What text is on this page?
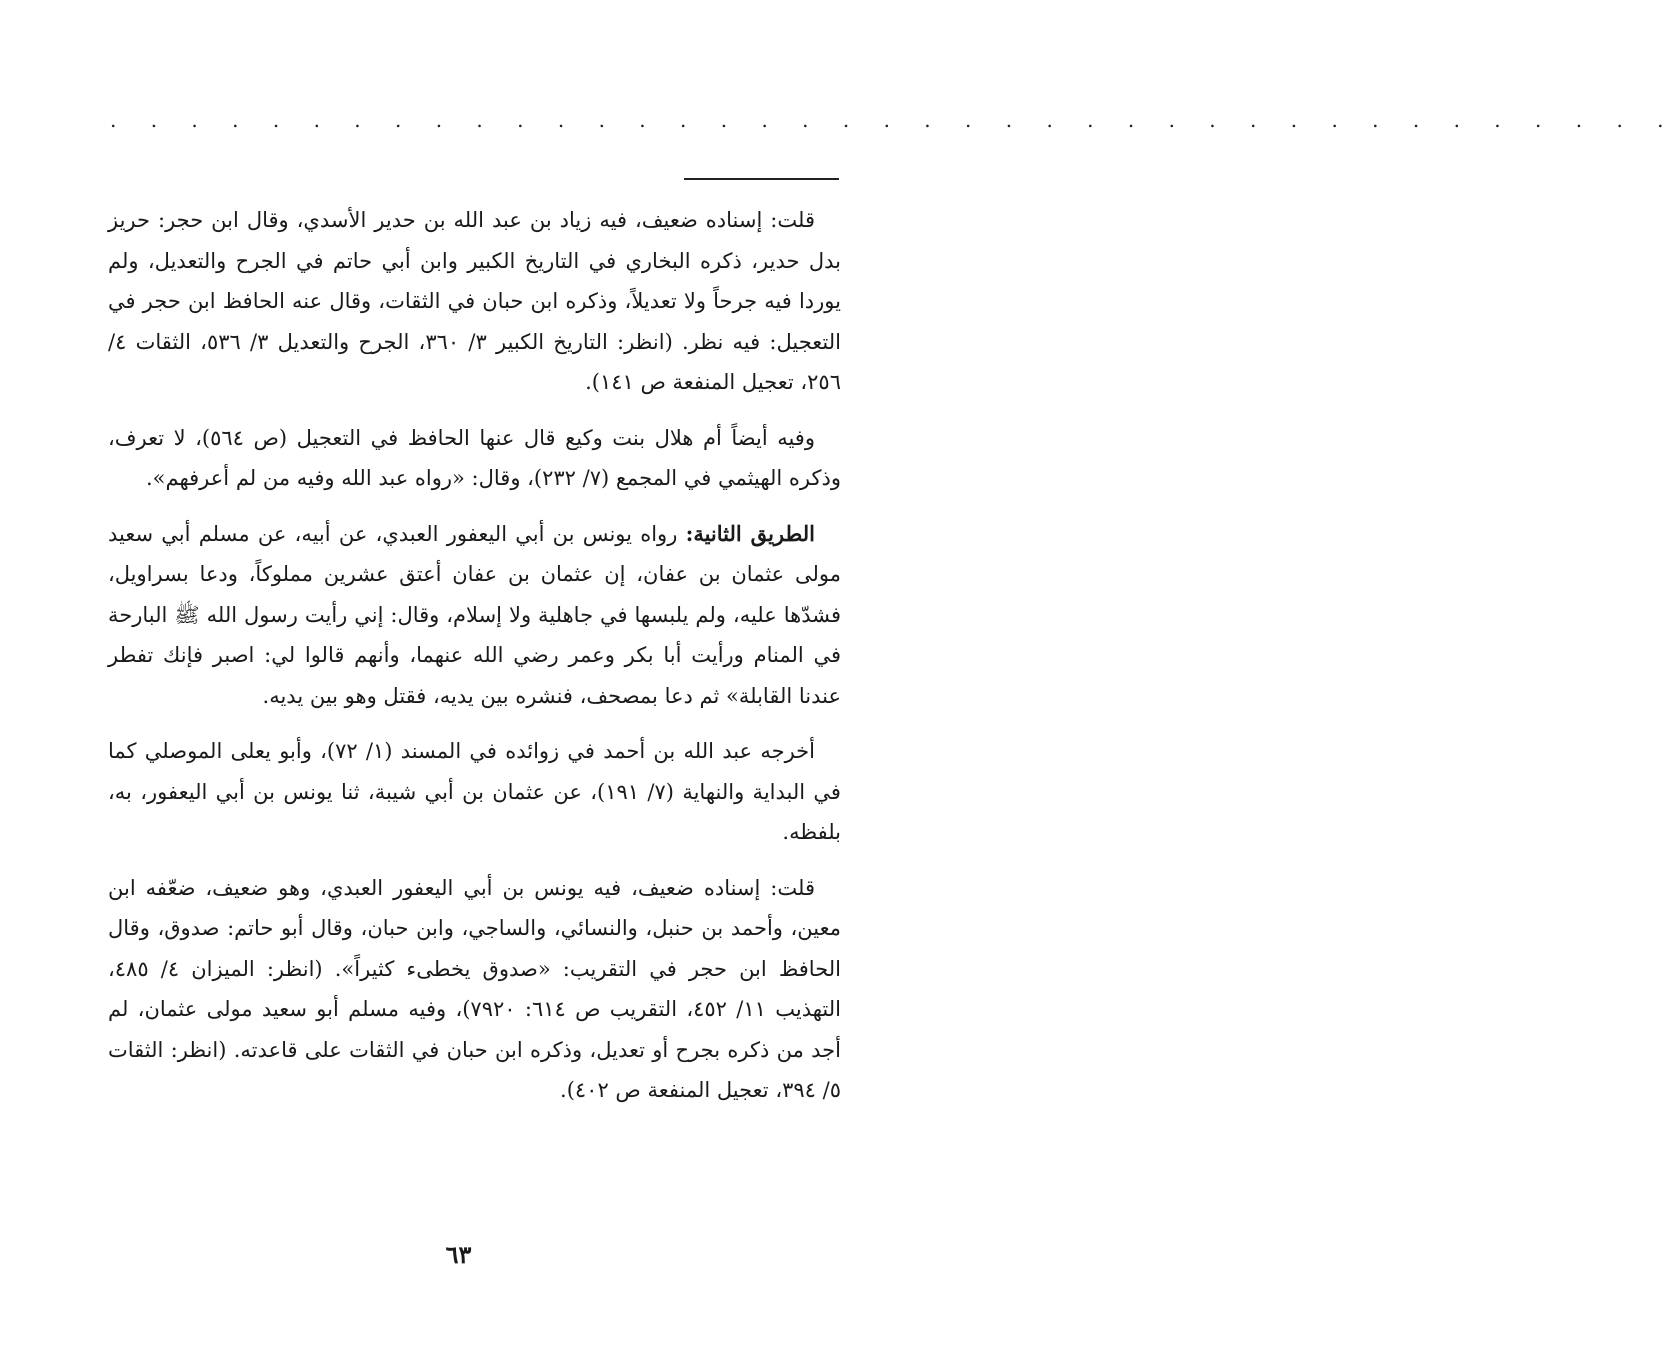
. . . . . . . . . . . . . . . . . . . . . . . . . . . . . . . . . . . . . . .

قلت: إسناده ضعيف، فيه زياد بن عبد الله بن حدير الأسدي، وقال ابن حجر: حريز بدل حدير، ذكره البخاري في التاريخ الكبير وابن أبي حاتم في الجرح والتعديل، ولم يوردا فيه جرحاً ولا تعديلاً، وذكره ابن حبان في الثقات، وقال عنه الحافظ ابن حجر في التعجيل: فيه نظر. (انظر: التاريخ الكبير ٣/ ٣٦٠، الجرح والتعديل ٣/ ٥٣٦، الثقات ٤/ ٢٥٦، تعجيل المنفعة ص ١٤١).

وفيه أيضاً أم هلال بنت وكيع قال عنها الحافظ في التعجيل (ص ٥٦٤)، لا تعرف، وذكره الهيثمي في المجمع (٧/ ٢٣٢)، وقال: «رواه عبد الله وفيه من لم أعرفهم».

الطريق الثانية: رواه يونس بن أبي اليعفور العبدي، عن أبيه، عن مسلم أبي سعيد مولى عثمان بن عفان، إن عثمان بن عفان أعتق عشرين مملوكاً، ودعا بسراويل، فشدّها عليه، ولم يلبسها في جاهلية ولا إسلام، وقال: إني رأيت رسول الله ﷺ البارحة في المنام ورأيت أبا بكر وعمر رضي الله عنهما، وأنهم قالوا لي: اصبر فإنك تفطر عندنا القابلة» ثم دعا بمصحف، فنشره بين يديه، فقتل وهو بين يديه.

أخرجه عبد الله بن أحمد في زوائده في المسند (١/ ٧٢)، وأبو يعلى الموصلي كما في البداية والنهاية (٧/ ١٩١)، عن عثمان بن أبي شيبة، ثنا يونس بن أبي اليعفور، به، بلفظه.

قلت: إسناده ضعيف، فيه يونس بن أبي اليعفور العبدي، وهو ضعيف، ضعّفه ابن معين، وأحمد بن حنبل، والنسائي، والساجي، وابن حبان، وقال أبو حاتم: صدوق، وقال الحافظ ابن حجر في التقريب: «صدوق يخطىء كثيراً». (انظر: الميزان ٤/ ٤٨٥، التهذيب ١١/ ٤٥٢، التقريب ص ٦١٤: ٧٩٢٠)، وفيه مسلم أبو سعيد مولى عثمان، لم أجد من ذكره بجرح أو تعديل، وذكره ابن حبان في الثقات على قاعدته. (انظر: الثقات ٥/ ٣٩٤، تعجيل المنفعة ص ٤٠٢).

٦٣
